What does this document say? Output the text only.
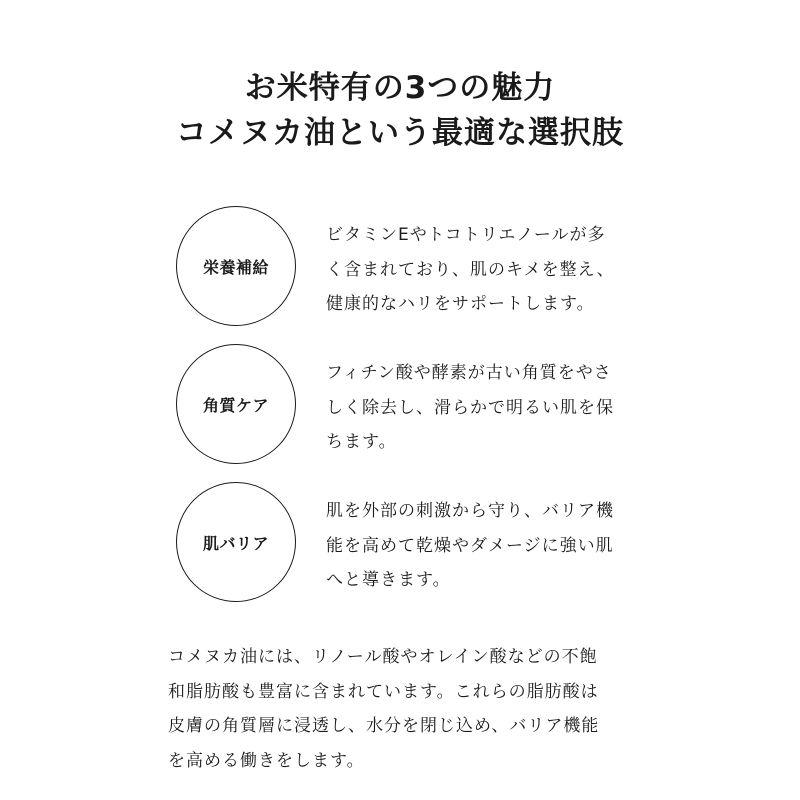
お米特有の3つの魅力
コメヌカ油という最適な選択肢
栄養補給

ビタミンEやトコトリエノールが多
く含まれており、肌のキメを整え、
健康的なハリをサポートします。

角質ケア

フィチン酸や酵素が古い角質をやさ
しく除去し、滑らかで明るい肌を保
ちます。

肌バリア

肌を外部の刺激から守り、バリア機
能を高めて乾燥やダメージに強い肌
へと導きます。

コメヌカ油には、リノール酸やオレイン酸などの不飽
和脂肪酸も豊富に含まれています。これらの脂肪酸は
皮膚の角質層に浸透し、水分を閉じ込め、バリア機能
を高める働きをします。
